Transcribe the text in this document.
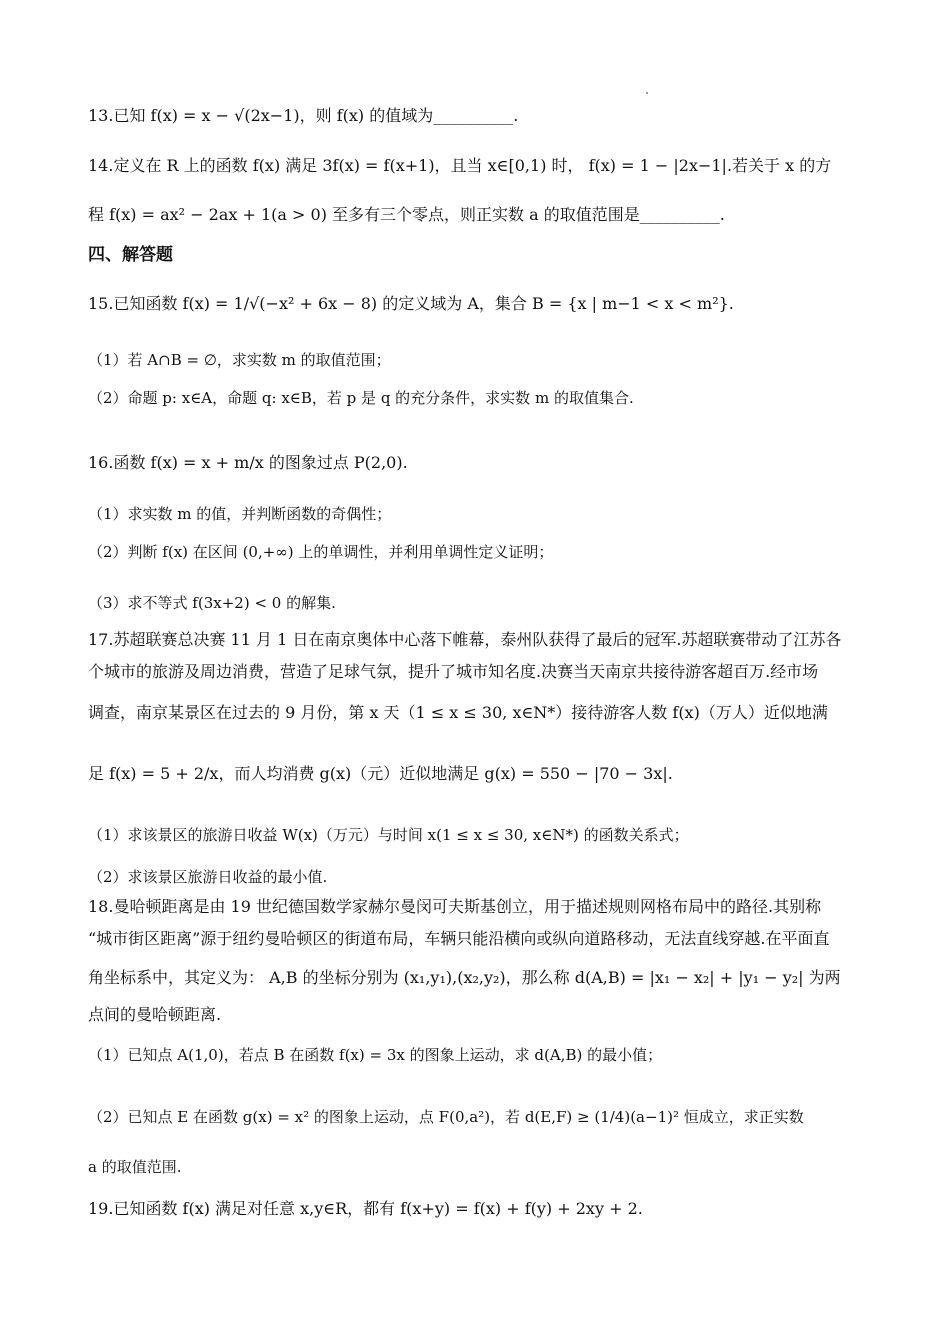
13.已知 f(x) = x − √(2x−1)，则 f(x) 的值域为__________.
14.定义在 R 上的函数 f(x) 满足 3f(x) = f(x+1)，且当 x∈[0,1) 时， f(x) = 1 − |2x−1|.若关于 x 的方
程 f(x) = ax² − 2ax + 1(a > 0) 至多有三个零点，则正实数 a 的取值范围是__________.
四、解答题
15.已知函数 f(x) = 1/√(−x² + 6x − 8) 的定义域为 A，集合 B = {x | m−1 < x < m²}.
（1）若 A∩B = ∅，求实数 m 的取值范围；
（2）命题 p: x∈A，命题 q: x∈B，若 p 是 q 的充分条件，求实数 m 的取值集合.
16.函数 f(x) = x + m/x 的图象过点 P(2,0).
（1）求实数 m 的值，并判断函数的奇偶性；
（2）判断 f(x) 在区间 (0,+∞) 上的单调性，并利用单调性定义证明；
（3）求不等式 f(3x+2) < 0 的解集.
17.苏超联赛总决赛 11 月 1 日在南京奥体中心落下帷幕，泰州队获得了最后的冠军.苏超联赛带动了江苏各
个城市的旅游及周边消费，营造了足球气氛，提升了城市知名度.决赛当天南京共接待游客超百万.经市场
调查，南京某景区在过去的 9 月份，第 x 天（1 ≤ x ≤ 30, x∈N*）接待游客人数 f(x)（万人）近似地满
足 f(x) = 5 + 2/x，而人均消费 g(x)（元）近似地满足 g(x) = 550 − |70 − 3x|.
（1）求该景区的旅游日收益 W(x)（万元）与时间 x(1 ≤ x ≤ 30, x∈N*) 的函数关系式；
（2）求该景区旅游日收益的最小值.
18.曼哈顿距离是由 19 世纪德国数学家赫尔曼闵可夫斯基创立，用于描述规则网格布局中的路径.其别称
“城市街区距离”源于纽约曼哈顿区的街道布局，车辆只能沿横向或纵向道路移动，无法直线穿越.在平面直
角坐标系中，其定义为： A,B 的坐标分别为 (x₁,y₁),(x₂,y₂)，那么称 d(A,B) = |x₁ − x₂| + |y₁ − y₂| 为两
点间的曼哈顿距离.
（1）已知点 A(1,0)，若点 B 在函数 f(x) = 3x 的图象上运动，求 d(A,B) 的最小值；
（2）已知点 E 在函数 g(x) = x² 的图象上运动，点 F(0,a²)，若 d(E,F) ≥ (1/4)(a−1)² 恒成立，求正实数
a 的取值范围.
19.已知函数 f(x) 满足对任意 x,y∈R，都有 f(x+y) = f(x) + f(y) + 2xy + 2.
